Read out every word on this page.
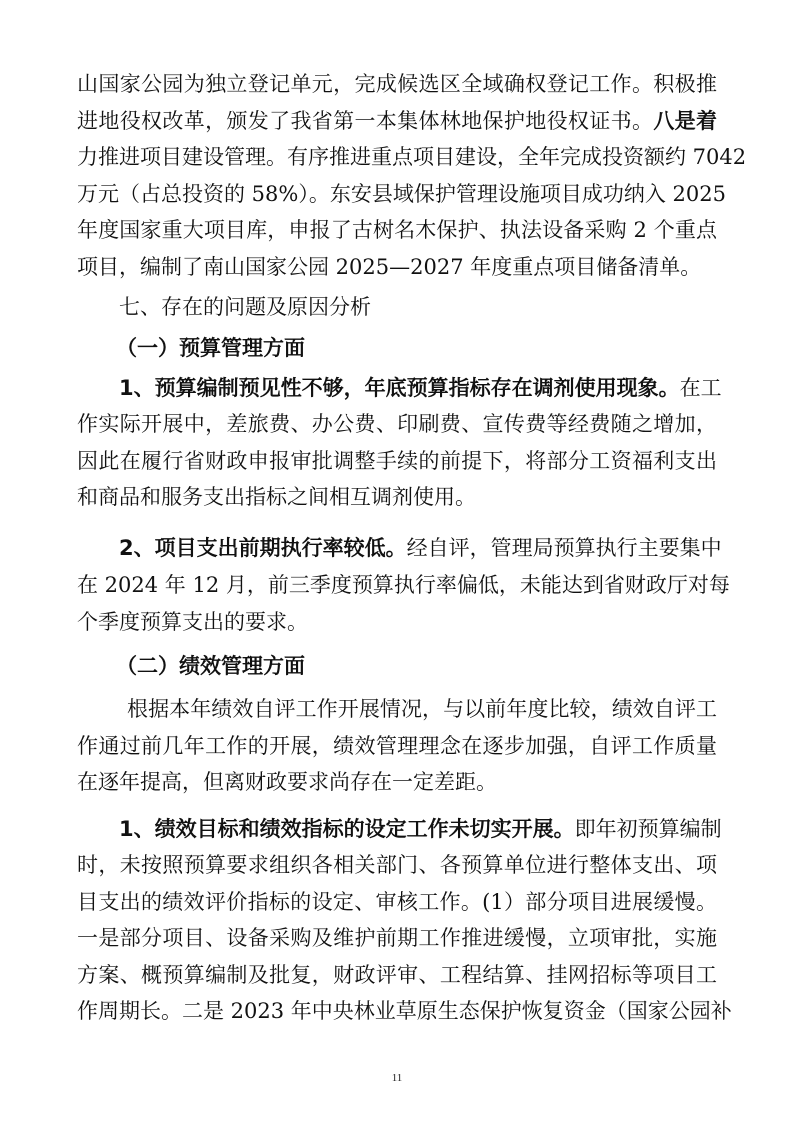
山国家公园为独立登记单元，完成候选区全域确权登记工作。积极推
进地役权改革，颁发了我省第一本集体林地保护地役权证书。八是着
力推进项目建设管理。有序推进重点项目建设，全年完成投资额约 7042
万元（占总投资的 58%）。东安县域保护管理设施项目成功纳入 2025
年度国家重大项目库，申报了古树名木保护、执法设备采购 2 个重点
项目，编制了南山国家公园 2025—2027 年度重点项目储备清单。
七、存在的问题及原因分析
（一）预算管理方面
1、预算编制预见性不够，年底预算指标存在调剂使用现象。在工
作实际开展中，差旅费、办公费、印刷费、宣传费等经费随之增加，
因此在履行省财政申报审批调整手续的前提下，将部分工资福利支出
和商品和服务支出指标之间相互调剂使用。
2、项目支出前期执行率较低。经自评，管理局预算执行主要集中
在 2024 年 12 月，前三季度预算执行率偏低，未能达到省财政厅对每
个季度预算支出的要求。
（二）绩效管理方面
根据本年绩效自评工作开展情况，与以前年度比较，绩效自评工
作通过前几年工作的开展，绩效管理理念在逐步加强，自评工作质量
在逐年提高，但离财政要求尚存在一定差距。
1、绩效目标和绩效指标的设定工作未切实开展。即年初预算编制
时，未按照预算要求组织各相关部门、各预算单位进行整体支出、项
目支出的绩效评价指标的设定、审核工作。(1）部分项目进展缓慢。
一是部分项目、设备采购及维护前期工作推进缓慢，立项审批，实施
方案、概预算编制及批复，财政评审、工程结算、挂网招标等项目工
作周期长。二是 2023 年中央林业草原生态保护恢复资金（国家公园补
11
